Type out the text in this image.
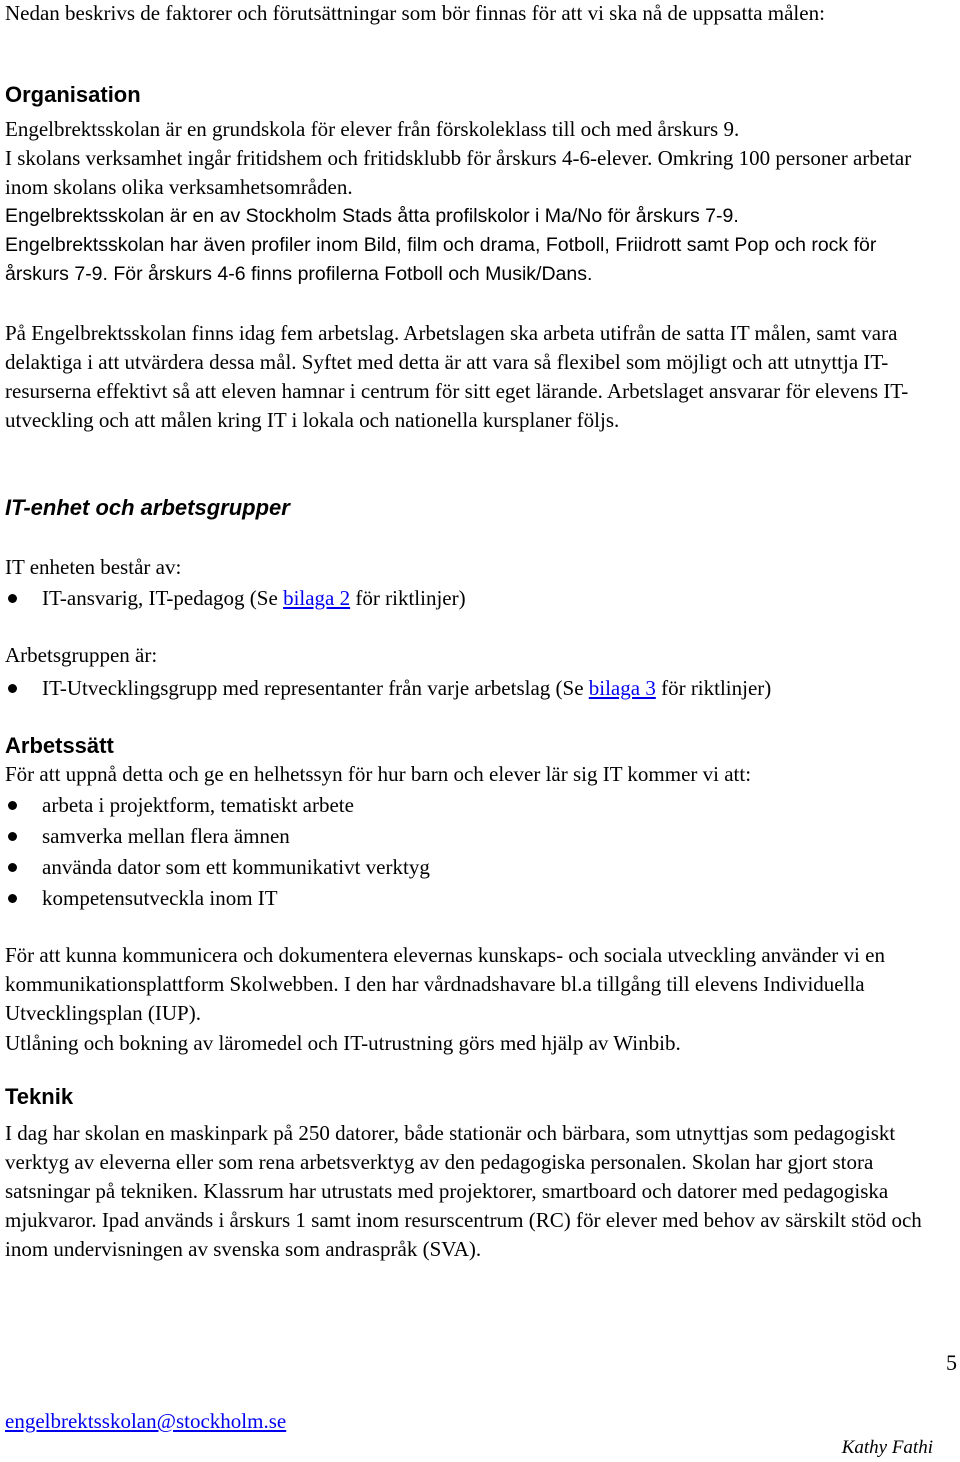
Nedan beskrivs de faktorer och förutsättningar som bör finnas för att vi ska nå de uppsatta målen:

Organisation

Engelbrektsskolan är en grundskola för elever från förskoleklass till och med årskurs 9.

I skolans verksamhet ingår fritidshem och fritidsklubb för årskurs 4-6-elever. Omkring 100 personer arbetar inom skolans olika verksamhetsområden.

Engelbrektsskolan är en av Stockholm Stads åtta profilskolor i Ma/No för årskurs 7-9.

Engelbrektsskolan har även profiler inom Bild, film och drama, Fotboll, Friidrott samt Pop och rock för årskurs 7-9. För årskurs 4-6 finns profilerna Fotboll och Musik/Dans.

På Engelbrektsskolan finns idag fem arbetslag. Arbetslagen ska arbeta utifrån de satta IT målen, samt vara delaktiga i att utvärdera dessa mål. Syftet med detta är att vara så flexibel som möjligt och att utnyttja IT-resurserna effektivt så att eleven hamnar i centrum för sitt eget lärande. Arbetslaget ansvarar för elevens IT-utveckling och att målen kring IT i lokala och nationella kursplaner följs.

IT-enhet och arbetsgrupper

IT enheten består av:

IT-ansvarig, IT-pedagog (Se bilaga 2 för riktlinjer)

Arbetsgruppen är:

IT-Utvecklingsgrupp med representanter från varje arbetslag (Se bilaga 3 för riktlinjer)
Arbetssätt

För att uppnå detta och ge en helhetssyn för hur barn och elever lär sig IT kommer vi att:

arbeta i projektform, tematiskt arbete
samverka mellan flera ämnen
använda dator som ett kommunikativt verktyg
kompetensutveckla inom IT

För att kunna kommunicera och dokumentera elevernas kunskaps- och sociala utveckling använder vi en kommunikationsplattform Skolwebben. I den har vårdnadshavare bl.a tillgång till elevens Individuella Utvecklingsplan (IUP).

Utlåning och bokning av läromedel och IT-utrustning görs med hjälp av Winbib.

Teknik

I dag har skolan en maskinpark på 250 datorer, både stationär och bärbara, som utnyttjas som pedagogiskt verktyg av eleverna eller som rena arbetsverktyg av den pedagogiska personalen. Skolan har gjort stora satsningar på tekniken. Klassrum har utrustats med projektorer, smartboard och datorer med pedagogiska mjukvaror. Ipad används i årskurs 1 samt inom resurscentrum (RC) för elever med behov av särskilt stöd och inom undervisningen av svenska som andraspråk (SVA).

5
engelbrektsskolan@stockholm.se
Kathy Fathi
